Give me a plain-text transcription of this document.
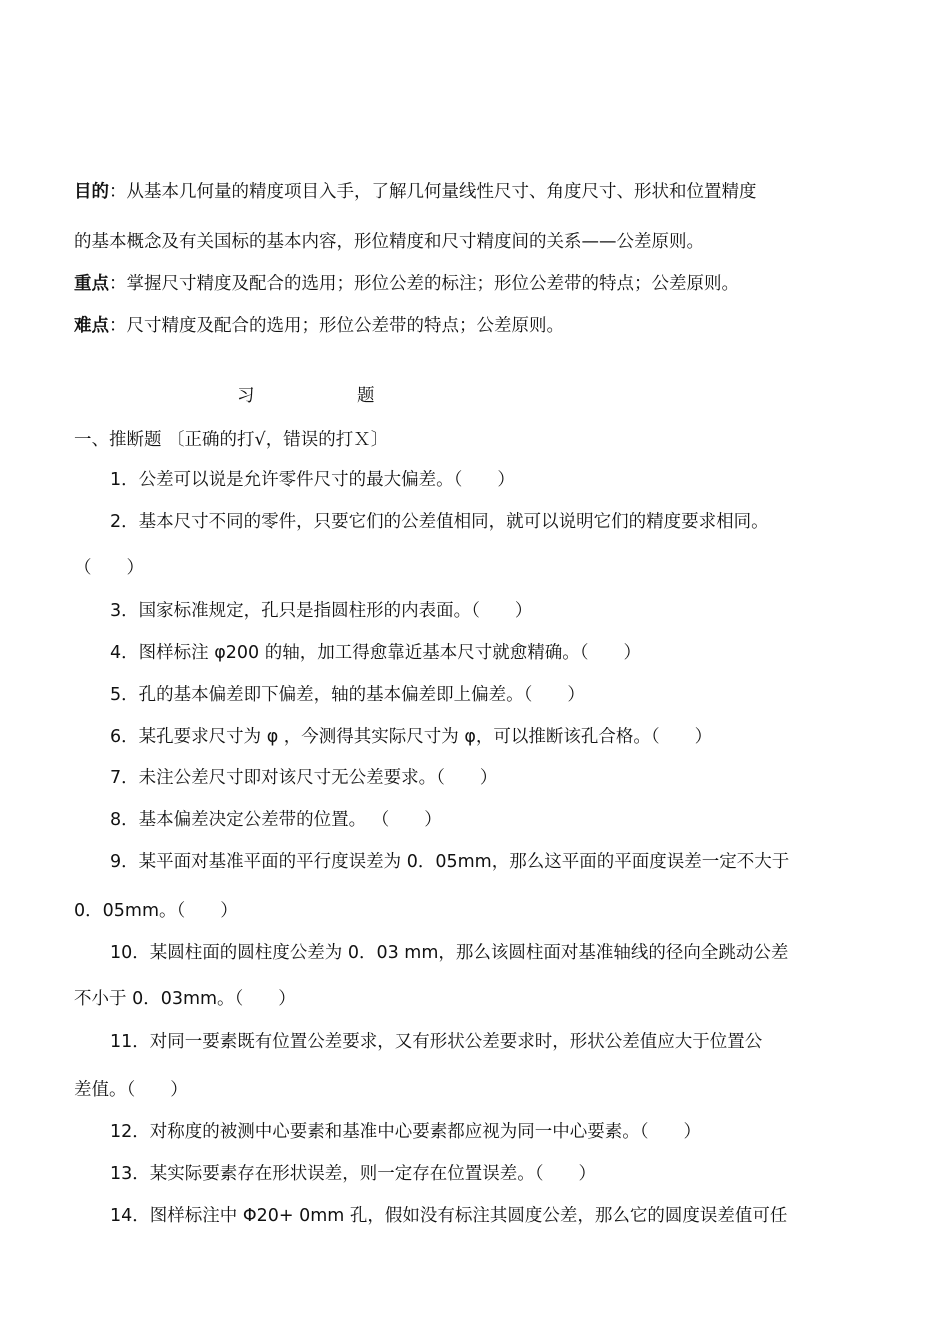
目的：从基本几何量的精度项目入手，了解几何量线性尺寸、角度尺寸、形状和位置精度
的基本概念及有关国标的基本内容，形位精度和尺寸精度间的关系——公差原则。
重点：掌握尺寸精度及配合的选用；形位公差的标注；形位公差带的特点；公差原则。
难点：尺寸精度及配合的选用；形位公差带的特点；公差原则。
习	题
一、推断题 〔正确的打√，错误的打Ｘ〕
1．公差可以说是允许零件尺寸的最大偏差。（　　）
2．基本尺寸不同的零件，只要它们的公差值相同，就可以说明它们的精度要求相同。
（　　）
3．国家标准规定，孔只是指圆柱形的内表面。（　　）
4．图样标注 φ200 的轴，加工得愈靠近基本尺寸就愈精确。（　　）
5．孔的基本偏差即下偏差，轴的基本偏差即上偏差。（　　）
6．某孔要求尺寸为 φ ，今测得其实际尺寸为 φ，可以推断该孔合格。（　　）
7．未注公差尺寸即对该尺寸无公差要求。（　　）
8．基本偏差决定公差带的位置。 （　　）
9．某平面对基准平面的平行度误差为 0．05mm，那么这平面的平面度误差一定不大于
0．05mm。（　　）
10．某圆柱面的圆柱度公差为 0．03 mm，那么该圆柱面对基准轴线的径向全跳动公差
不小于 0．03mm。（　　）
11．对同一要素既有位置公差要求，又有形状公差要求时，形状公差值应大于位置公
差值。（　　）
12．对称度的被测中心要素和基准中心要素都应视为同一中心要素。（　　）
13．某实际要素存在形状误差，则一定存在位置误差。（　　）
14．图样标注中 Φ20+ 0mm 孔，假如没有标注其圆度公差，那么它的圆度误差值可任
